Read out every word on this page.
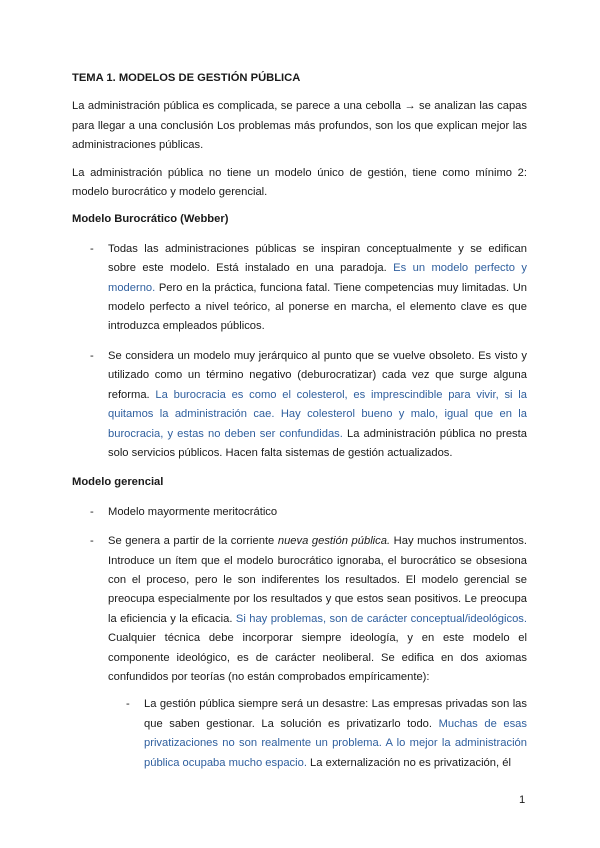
TEMA 1. MODELOS DE GESTIÓN PÚBLICA

La administración pública es complicada, se parece a una cebolla → se analizan las capas para llegar a una conclusión Los problemas más profundos, son los que explican mejor las administraciones públicas.

La administración pública no tiene un modelo único de gestión, tiene como mínimo 2: modelo burocrático y modelo gerencial.

Modelo Burocrático (Webber)
- Todas las administraciones públicas se inspiran conceptualmente y se edifican sobre este modelo. Está instalado en una paradoja. Es un modelo perfecto y moderno. Pero en la práctica, funciona fatal. Tiene competencias muy limitadas. Un modelo perfecto a nivel teórico, al ponerse en marcha, el elemento clave es que introduzca empleados públicos.
- Se considera un modelo muy jerárquico al punto que se vuelve obsoleto. Es visto y utilizado como un término negativo (deburocratizar) cada vez que surge alguna reforma. La burocracia es como el colesterol, es imprescindible para vivir, si la quitamos la administración cae. Hay colesterol bueno y malo, igual que en la burocracia, y estas no deben ser confundidas. La administración pública no presta solo servicios públicos. Hacen falta sistemas de gestión actualizados.
Modelo gerencial
- Modelo mayormente meritocrático
- Se genera a partir de la corriente nueva gestión pública. Hay muchos instrumentos. Introduce un ítem que el modelo burocrático ignoraba, el burocrático se obsesiona con el proceso, pero le son indiferentes los resultados. El modelo gerencial se preocupa especialmente por los resultados y que estos sean positivos. Le preocupa la eficiencia y la eficacia. Si hay problemas, son de carácter conceptual/ideológicos. Cualquier técnica debe incorporar siempre ideología, y en este modelo el componente ideológico, es de carácter neoliberal. Se edifica en dos axiomas confundidos por teorías (no están comprobados empíricamente):
- La gestión pública siempre será un desastre: Las empresas privadas son las que saben gestionar. La solución es privatizarlo todo. Muchas de esas privatizaciones no son realmente un problema. A lo mejor la administración pública ocupaba mucho espacio. La externalización no es privatización, él
1
